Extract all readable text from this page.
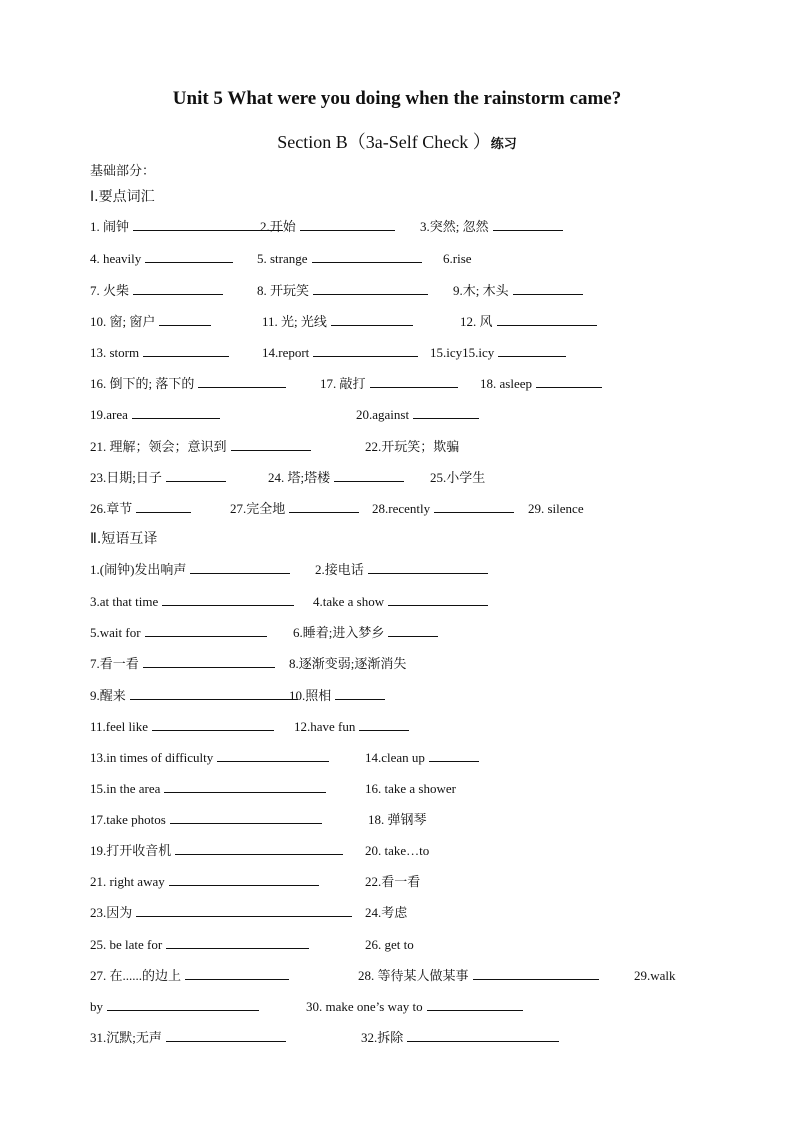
Unit 5 What were you doing when the rainstorm came?
Section B（3a-Self Check ）练习
基础部分：
Ⅰ.要点词汇
1. 闹钟	2.开始	3.突然; 忽然
4. heavily	5. strange	6.rise
7. 火柴	8. 开玩笑	9.木; 木头
10. 窗; 窗户	11. 光; 光线	12. 风
13. storm	14.report	15.icy15.icy
16. 倒下的; 落下的	17. 敲打	18. asleep
19.area	20.against
21. 理解；领会；意识到	22.开玩笑；欺骗
23.日期;日子	24. 塔;塔楼	25.小学生
26.章节	27.完全地	28.recently	29. silence
Ⅱ.短语互译
1.(闹钟)发出响声	2.接电话
3.at that time	4.take a show
5.wait for	6.睡着;进入梦乡
7.看一看	8.逐渐变弱;逐渐消失
9.醒来	10.照相
11.feel like	12.have fun
13.in times of difficulty	14.clean up
15.in the area	16. take a shower
17.take photos	18. 弹钢琴
19.打开收音机	20. take…to
21. right away	22.看一看
23.因为	24.考虑
25. be late for	26. get to
27. 在......的边上	28. 等待某人做某事	29.walk
by	30. make one’s way to
31.沉默;无声	32.拆除
